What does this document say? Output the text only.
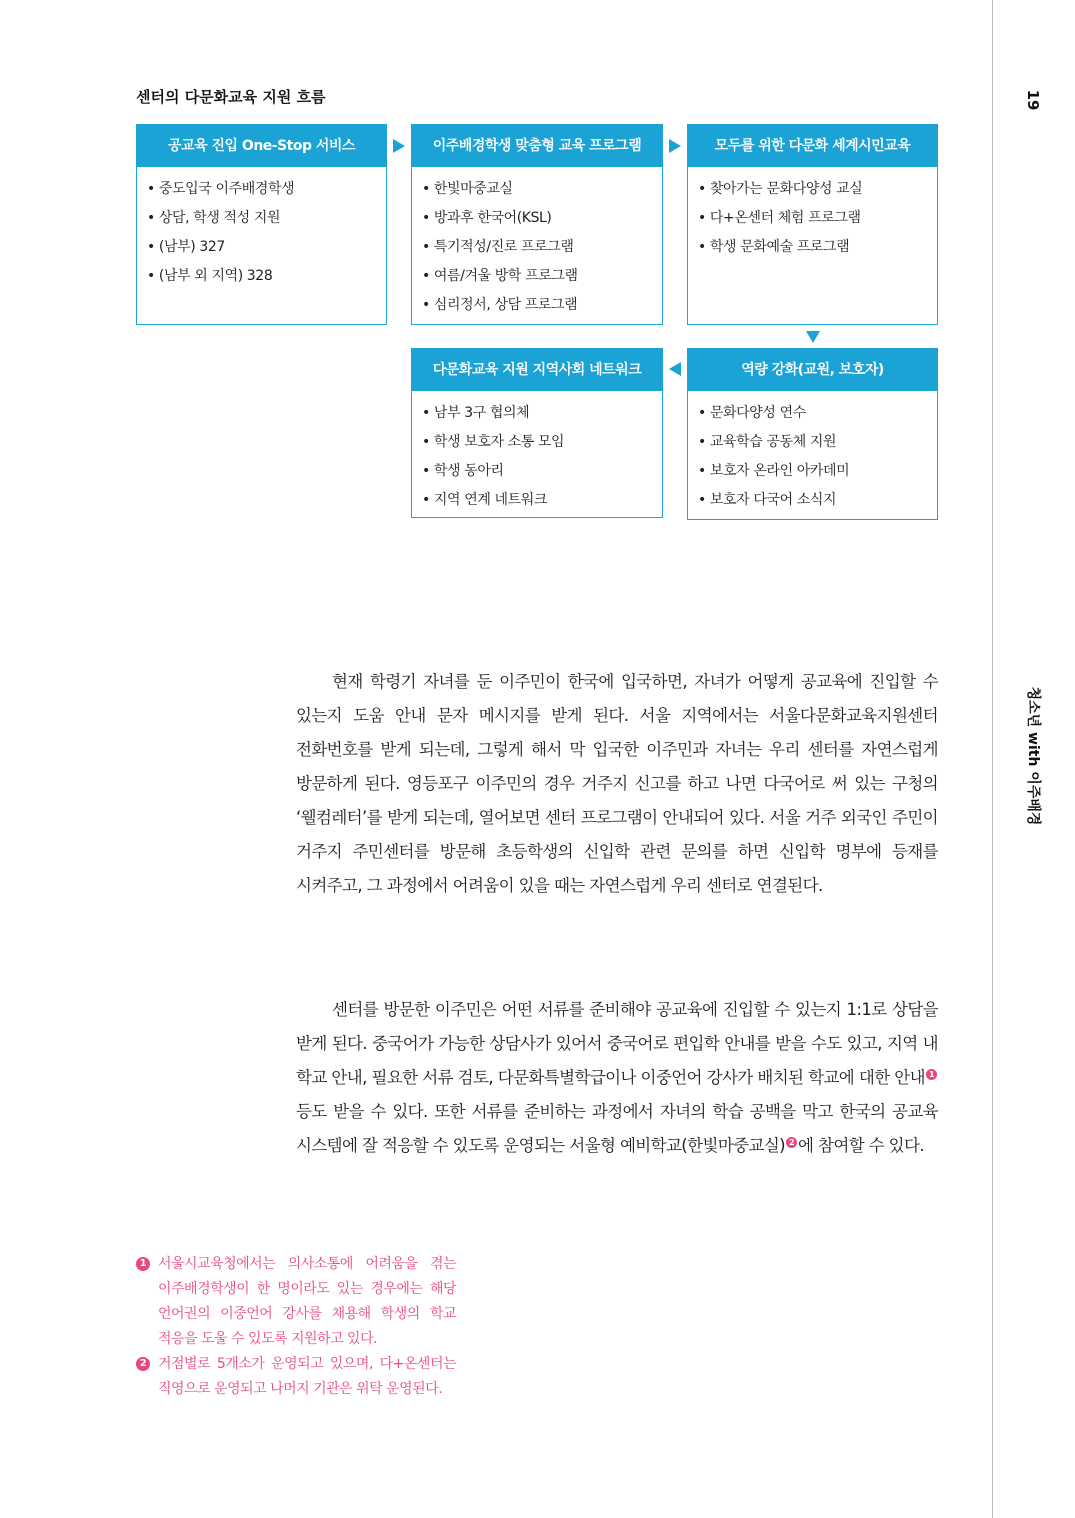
19
청소년 with 이주배경
센터의 다문화교육 지원 흐름
공교육 진입 One-Stop 서비스
• 중도입국 이주배경학생
• 상담, 학생 적성 지원
• (남부) 327
• (남부 외 지역) 328
이주배경학생 맞춤형 교육 프로그램
• 한빛마중교실
• 방과후 한국어(KSL)
• 특기적성/진로 프로그램
• 여름/겨울 방학 프로그램
• 심리정서, 상담 프로그램
모두를 위한 다문화 세계시민교육
• 찾아가는 문화다양성 교실
• 다+온센터 체험 프로그램
• 학생 문화예술 프로그램
다문화교육 지원 지역사회 네트워크
• 남부 3구 협의체
• 학생 보호자 소통 모임
• 학생 동아리
• 지역 연계 네트워크
역량 강화(교원, 보호자)
• 문화다양성 연수
• 교육학습 공동체 지원
• 보호자 온라인 아카데미
• 보호자 다국어 소식지

현재 학령기 자녀를 둔 이주민이 한국에 입국하면, 자녀가 어떻게 공교육에 진입할 수 있는지 도움 안내 문자 메시지를 받게 된다. 서울 지역에서는 서울다문화교육지원센터 전화번호를 받게 되는데, 그렇게 해서 막 입국한 이주민과 자녀는 우리 센터를 자연스럽게 방문하게 된다. 영등포구 이주민의 경우 거주지 신고를 하고 나면 다국어로 써 있는 구청의 ‘웰컴레터’를 받게 되는데, 열어보면 센터 프로그램이 안내되어 있다. 서울 거주 외국인 주민이 거주지 주민센터를 방문해 초등학생의 신입학 관련 문의를 하면 신입학 명부에 등재를 시켜주고, 그 과정에서 어려움이 있을 때는 자연스럽게 우리 센터로 연결된다.

센터를 방문한 이주민은 어떤 서류를 준비해야 공교육에 진입할 수 있는지 1:1로 상담을 받게 된다. 중국어가 가능한 상담사가 있어서 중국어로 편입학 안내를 받을 수도 있고, 지역 내 학교 안내, 필요한 서류 검토, 다문화특별학급이나 이중언어 강사가 배치된 학교에 대한 안내 1 등도 받을 수 있다. 또한 서류를 준비하는 과정에서 자녀의 학습 공백을 막고 한국의 공교육 시스템에 잘 적응할 수 있도록 운영되는 서울형 예비학교(한빛마중교실) 2 에 참여할 수 있다.

1 서울시교육청에서는 의사소통에 어려움을 겪는 이주배경학생이 한 명이라도 있는 경우에는 해당 언어권의 이중언어 강사를 채용해 학생의 학교 적응을 도울 수 있도록 지원하고 있다.
2 거점별로 5개소가 운영되고 있으며, 다+온센터는 직영으로 운영되고 나머지 기관은 위탁 운영된다.
